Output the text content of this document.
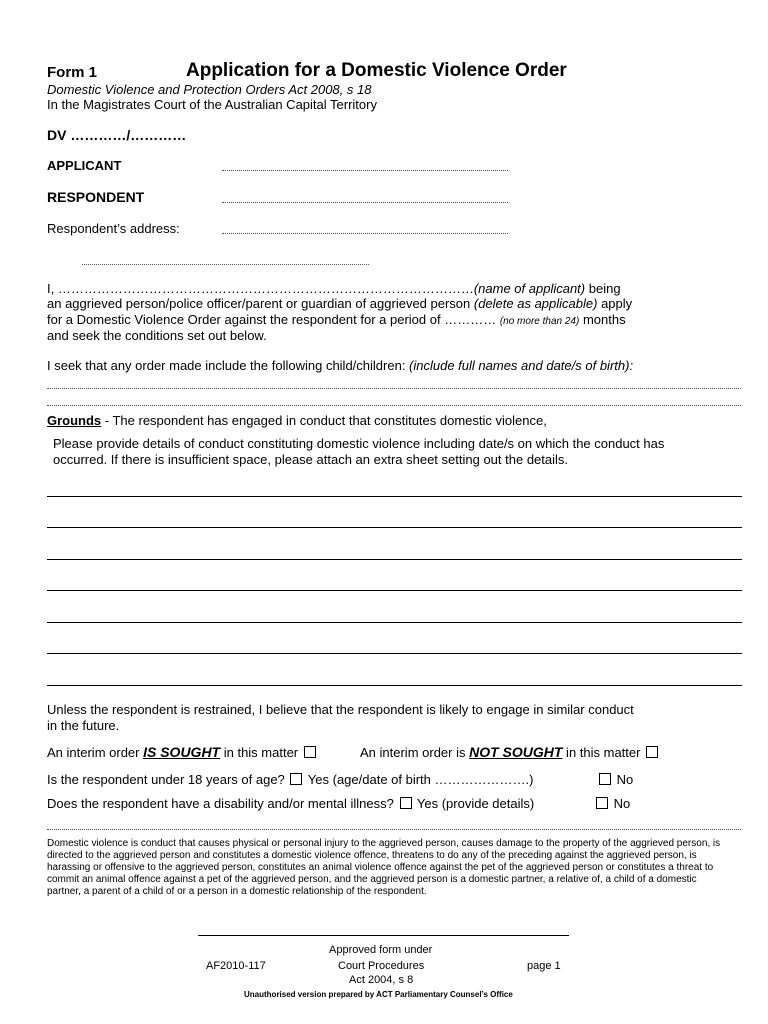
Form 1	Application for a Domestic Violence Order
Domestic Violence and Protection Orders Act 2008, s 18
In the Magistrates Court of the Australian Capital Territory
DV …………/…………
APPLICANT
RESPONDENT
Respondent’s address:
I, ……………………………………………………………………………………(name of applicant) being
an aggrieved person/police officer/parent or guardian of aggrieved person (delete as applicable) apply
for a Domestic Violence Order against the respondent for a period of ………… (no more than 24) months
and seek the conditions set out below.
I seek that any order made include the following child/children: (include full names and date/s of birth):
Grounds - The respondent has engaged in conduct that constitutes domestic violence,
Please provide details of conduct constituting domestic violence including date/s on which the conduct has
occurred. If there is insufficient space, please attach an extra sheet setting out the details.
Unless the respondent is restrained, I believe that the respondent is likely to engage in similar conduct
in the future.
An interim order IS SOUGHT in this matter	An interim order is NOT SOUGHT in this matter
Is the respondent under 18 years of age? Yes (age/date of birth ………………….)	No
Does the respondent have a disability and/or mental illness? Yes (provide details)	No
Domestic violence is conduct that causes physical or personal injury to the aggrieved person, causes damage to the property of the aggrieved person, is directed to the aggrieved person and constitutes a domestic violence offence, threatens to do any of the preceding against the aggrieved person, is harassing or offensive to the aggrieved person, constitutes an animal violence offence against the pet of the aggrieved person or constitutes a threat to commit an animal offence against a pet of the aggrieved person, and the aggrieved person is a domestic partner, a relative of, a child of a domestic partner, a parent of a child of or a person in a domestic relationship of the respondent.
Approved form under
AF2010-117	Court Procedures	page 1
Act 2004, s 8
Unauthorised version prepared by ACT Parliamentary Counsel’s Office
